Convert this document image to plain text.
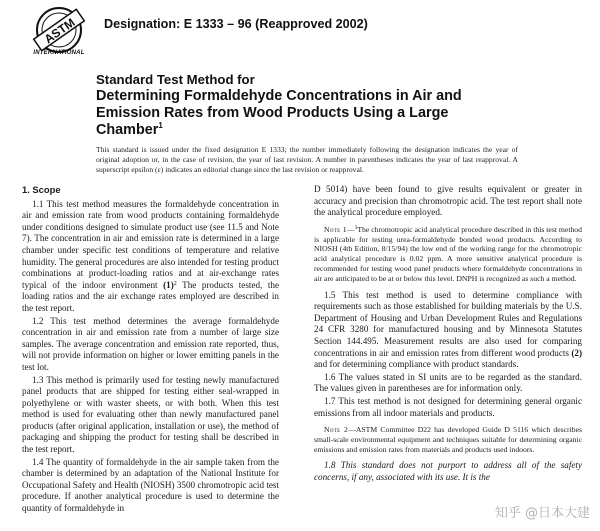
ASTM
INTERNATIONAL
Designation: E 1333 – 96 (Reapproved 2002)
Standard Test Method for
Determining Formaldehyde Concentrations in Air and Emission Rates from Wood Products Using a Large Chamber$^1$
This standard is issued under the fixed designation E 1333; the number immediately following the designation indicates the year of original adoption or, in the case of revision, the year of last revision. A number in parentheses indicates the year of last reapproval. A superscript epsilon (ε) indicates an editorial change since the last revision or reapproval.
1. Scope

1.1 This test method measures the formaldehyde concentration in air and emission rate from wood products containing formaldehyde under conditions designed to simulate product use (see 11.5 and Note 7). The concentration in air and emission rate is determined in a large chamber under specific test conditions of temperature and relative humidity. The general procedures are also intended for testing product combinations at product-loading ratios and at air-exchange rates typical of the indoor environment $(1)^2$ The products tested, the loading ratios and the air exchange rates employed are described in the test report.

1.2 This test method determines the average formaldehyde concentration in air and emission rate from a number of large size samples. The average concentration and emission rate reported, thus, will not provide information on higher or lower emitting panels in the test lot.

1.3 This method is primarily used for testing newly manufactured panel products that are shipped for testing either seal-wrapped in polyethylene or with waster sheets, or with both. When this test method is used for evaluating other than newly manufactured panel products (after original application, installation or use), the method of packaging and shipping the product for testing shall be described in the test report.

1.4 The quantity of formaldehyde in the air sample taken from the chamber is determined by an adaptation of the National Institute for Occupational Safety and Health (NIOSH) 3500 chromotropic acid test procedure. If another analytical procedure is used to determine the quantity of formaldehyde in

D 5014) have been found to give results equivalent or greater in accuracy and precision than chromotropic acid. The test report shall note the analytical procedure employed.

Note 1—$^3$The chromotropic acid analytical procedure described in this test method is applicable for testing urea-formaldehyde bonded wood products. According to NIOSH (4th Edition, 8/15/94) the low end of the working range for the chromotropic acid analytical procedure is 0.02 ppm. A more sensitive analytical procedure is recommended for testing wood panel products where formaldehyde concentrations in air are anticipated to be at or below this level. DNPH is recognized as such a method.

1.5 This test method is used to determine compliance with requirements such as those established for building materials by the U.S. Department of Housing and Urban Development Rules and Regulations 24 CFR 3280 for manufactured housing and by Minnesota Statutes Section 144.495. Measurement results are also used for comparing concentrations in air and emission rates from different wood products (2) and for determining compliance with product standards.

1.6 The values stated in SI units are to be regarded as the standard. The values given in parentheses are for information only.

1.7 This test method is not designed for determining general organic emissions from all indoor materials and products.

Note 2—ASTM Committee D22 has developed Guide D 5116 which describes small-scale environmental equipment and techniques suitable for determining organic emissions and emission rates from materials and products used indoors.

1.8 This standard does not purport to address all of the safety concerns, if any, associated with its use. It is the

知乎 @日本大建
